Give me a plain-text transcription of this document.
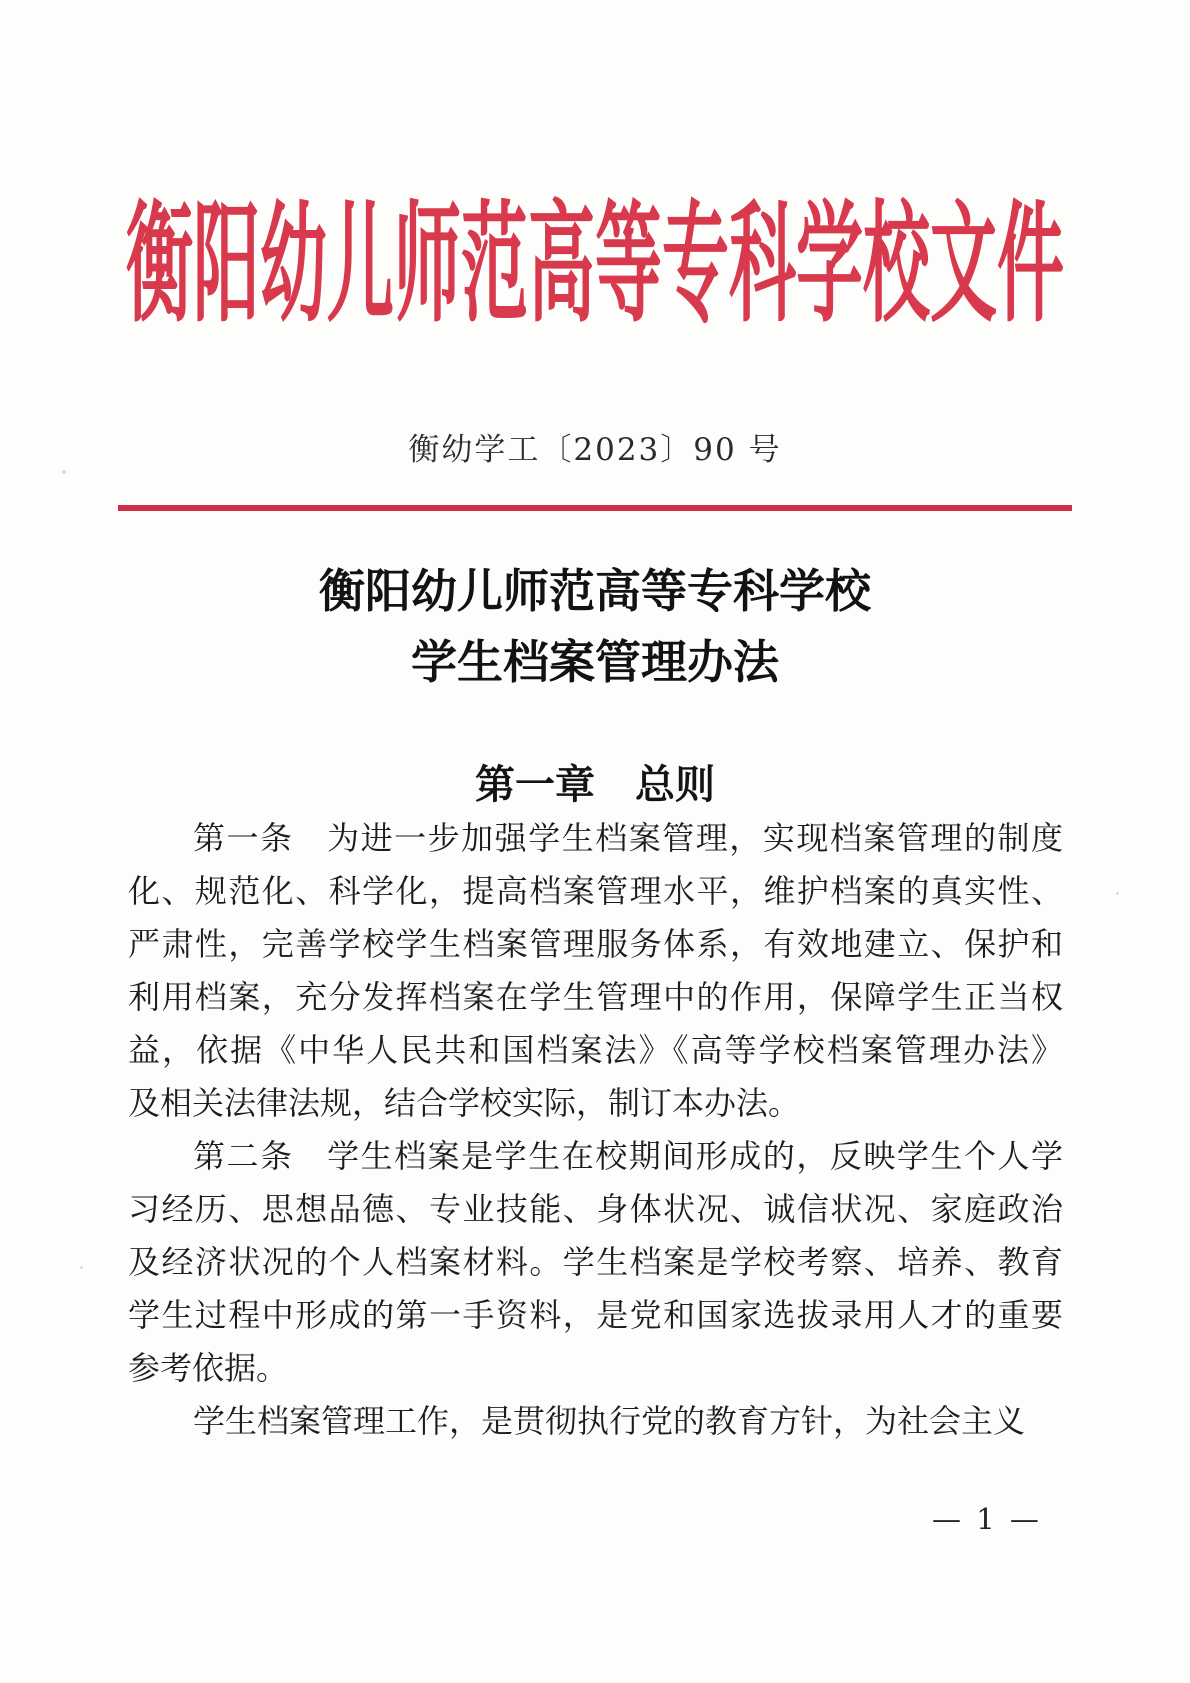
衡阳幼儿师范高等专科学校文件
衡幼学工〔2023〕90 号
衡阳幼儿师范高等专科学校
学生档案管理办法
第一章　总则
第一条　为进一步加强学生档案管理，实现档案管理的制度
化、规范化、科学化，提高档案管理水平，维护档案的真实性、
严肃性，完善学校学生档案管理服务体系，有效地建立、保护和
利用档案，充分发挥档案在学生管理中的作用，保障学生正当权
益，依据《中华人民共和国档案法》《高等学校档案管理办法》
及相关法律法规，结合学校实际，制订本办法。
第二条　学生档案是学生在校期间形成的，反映学生个人学
习经历、思想品德、专业技能、身体状况、诚信状况、家庭政治
及经济状况的个人档案材料。学生档案是学校考察、培养、教育
学生过程中形成的第一手资料，是党和国家选拔录用人才的重要
参考依据。
学生档案管理工作，是贯彻执行党的教育方针，为社会主义
— 1 —
